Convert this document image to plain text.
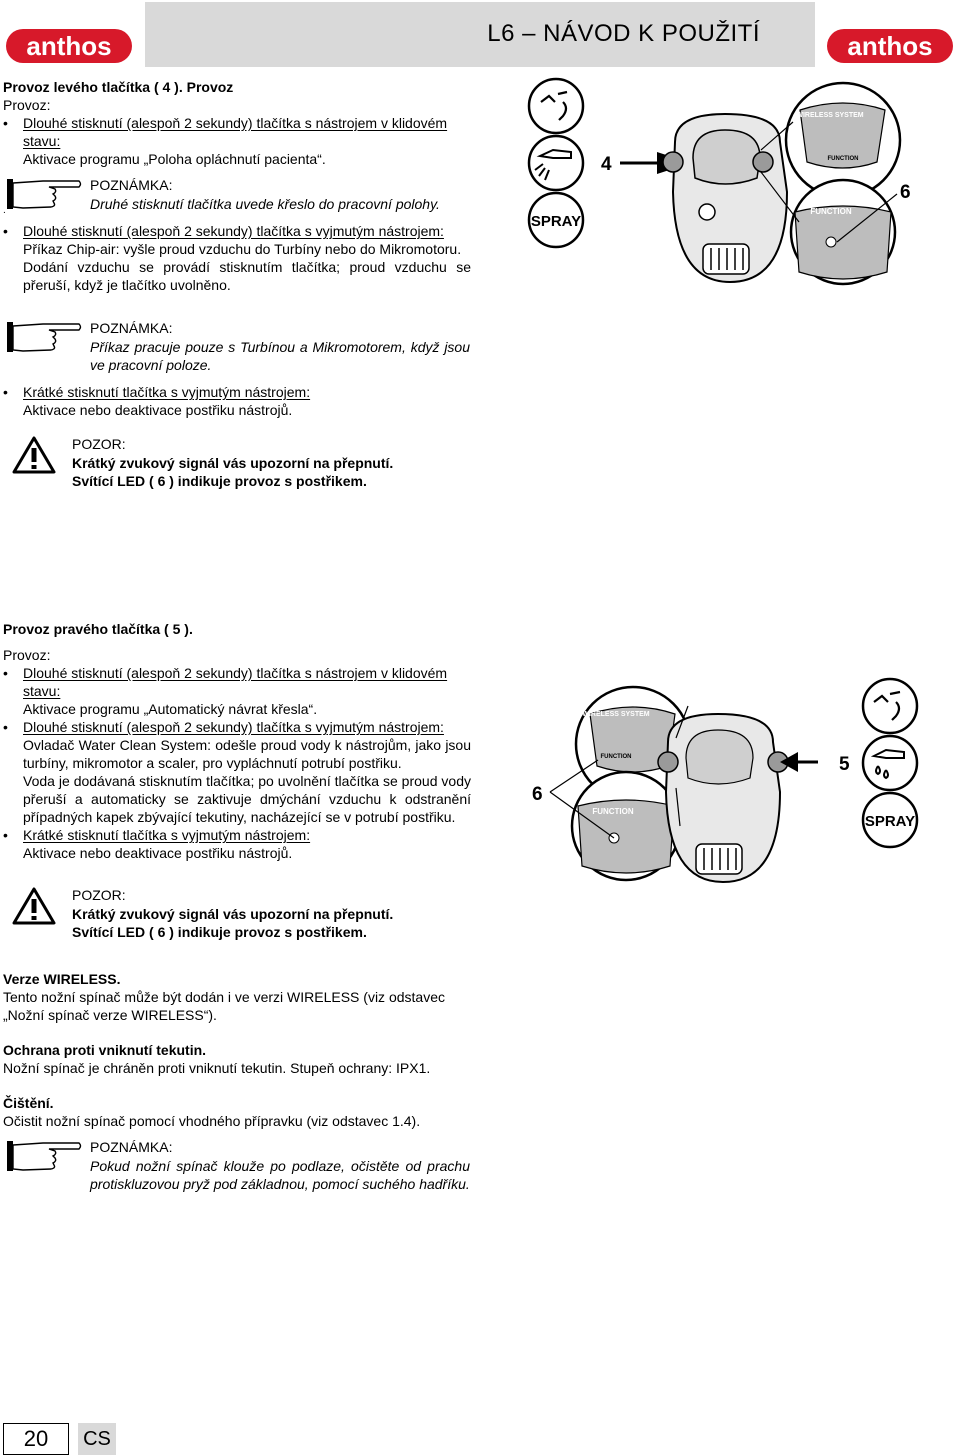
anthos	L6 – NÁVOD K POUŽITÍ	anthos
Provoz levého tlačítka ( 4 ). Provoz
Provoz:
• Dlouhé stisknutí (alespoň 2 sekundy) tlačítka s nástrojem v klidovém
stavu:
Aktivace programu „Poloha opláchnutí pacienta“.
POZNÁMKA:
Druhé stisknutí tlačítka uvede křeslo do pracovní polohy.
.
• Dlouhé stisknutí (alespoň 2 sekundy) tlačítka s vyjmutým nástrojem:
Příkaz Chip-air: vyšle proud vzduchu do Turbíny nebo do Mikromotoru.
Dodání vzduchu se provádí stisknutím tlačítka; proud vzduchu se přeruší, když je tlačítko uvolněno.
POZNÁMKA:
Příkaz pracuje pouze s Turbínou a Mikromotorem, když jsou ve pracovní poloze.
• Krátké stisknutí tlačítka s vyjmutým nástrojem:
Aktivace nebo deaktivace postřiku nástrojů.
POZOR:
Krátký zvukový signál vás upozorní na přepnutí.
Svítící LED ( 6 ) indikuje provoz s postřikem.
SPRAY
4
WIRELESS SYSTEM
FUNCTION
FUNCTION
6
Provoz pravého tlačítka ( 5 ).
Provoz:
• Dlouhé stisknutí (alespoň 2 sekundy) tlačítka s nástrojem v klidovém
stavu:
Aktivace programu „Automatický návrat křesla“.
• Dlouhé stisknutí (alespoň 2 sekundy) tlačítka s vyjmutým nástrojem:
Ovladač Water Clean System: odešle proud vody k nástrojům, jako jsou turbíny, mikromotor a scaler, pro vypláchnutí potrubí postřiku.
Voda je dodávaná stisknutím tlačítka; po uvolnění tlačítka se proud vody přeruší a automaticky se zaktivuje dmýchání vzduchu k odstranění případných kapek zbývající tekutiny, nacházející se v potrubí postřiku.
• Krátké stisknutí tlačítka s vyjmutým nástrojem:
Aktivace nebo deaktivace postřiku nástrojů.
POZOR:
Krátký zvukový signál vás upozorní na přepnutí.
Svítící LED ( 6 ) indikuje provoz s postřikem.
WIRELESS SYSTEM
FUNCTION
FUNCTION
6
5
SPRAY
Verze WIRELESS.
Tento nožní spínač může být dodán i ve verzi WIRELESS (viz odstavec „Nožní spínač verze WIRELESS“).
Ochrana proti vniknutí tekutin.
Nožní spínač je chráněn proti vniknutí tekutin. Stupeň ochrany: IPX1.
Čištění.
Očistit nožní spínač pomocí vhodného přípravku (viz odstavec 1.4).
POZNÁMKA:
Pokud nožní spínač klouže po podlaze, očistěte od prachu protiskluzovou pryž pod základnou, pomocí suchého hadříku.
20	CS
